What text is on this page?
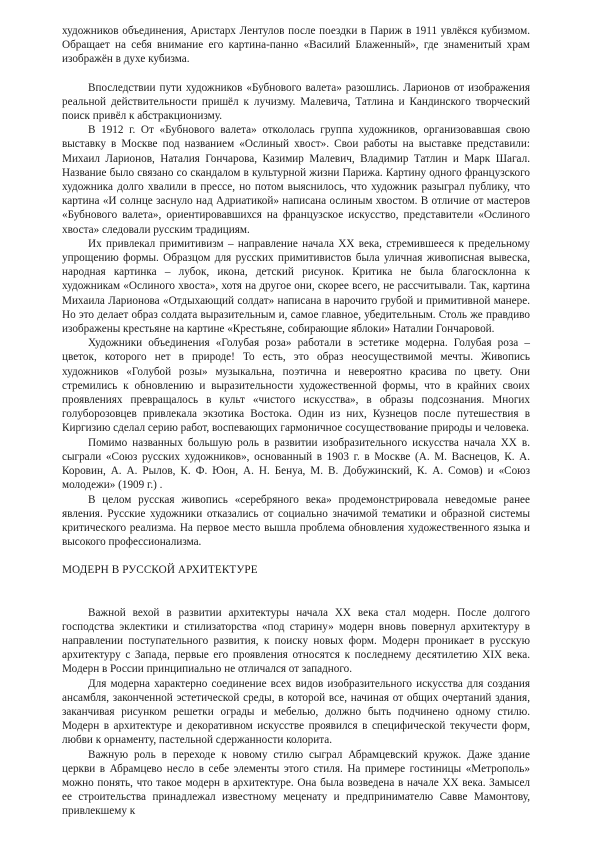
художников объединения, Аристарх Лентулов после поездки в Париж в 1911 увлёкся кубизмом. Обращает на себя внимание его картина-панно «Василий Блаженный», где знаменитый храм изображён в духе кубизма.

Впоследствии пути художников «Бубнового валета» разошлись. Ларионов от изображения реальной действительности пришёл к лучизму. Малевича, Татлина и Кандинского творческий поиск привёл к абстракционизму.

В 1912 г. От «Бубнового валета» откололась группа художников, организовавшая свою выставку в Москве под названием «Ослиный хвост». Свои работы на выставке представили: Михаил Ларионов, Наталия Гончарова, Казимир Малевич, Владимир Татлин и Марк Шагал. Название было связано со скандалом в культурной жизни Парижа. Картину одного французского художника долго хвалили в прессе, но потом выяснилось, что художник разыграл публику, что картина «И солнце заснуло над Адриатикой» написана ослиным хвостом. В отличие от мастеров «Бубнового валета», ориентировавшихся на французское искусство, представители «Ослиного хвоста» следовали русским традициям.

Их привлекал примитивизм – направление начала XX века, стремившееся к предельному упрощению формы. Образцом для русских примитивистов была уличная живописная вывеска, народная картинка – лубок, икона, детский рисунок. Критика не была благосклонна к художникам «Ослиного хвоста», хотя на другое они, скорее всего, не рассчитывали. Так, картина Михаила Ларионова «Отдыхающий солдат» написана в нарочито грубой и примитивной манере. Но это делает образ солдата выразительным и, самое главное, убедительным. Столь же правдиво изображены крестьяне на картине «Крестьяне, собирающие яблоки» Наталии Гончаровой.

Художники объединения «Голубая роза» работали в эстетике модерна. Голубая роза – цветок, которого нет в природе! То есть, это образ неосуществимой мечты. Живопись художников «Голубой розы» музыкальна, поэтична и невероятно красива по цвету. Они стремились к обновлению и выразительности художественной формы, что в крайних своих проявлениях превращалось в культ «чистого искусства», в образы подсознания. Многих голуборозовцев привлекала экзотика Востока. Один из них, Кузнецов после путешествия в Киргизию сделал серию работ, воспевающих гармоничное сосуществование природы и человека.

Помимо названных большую роль в развитии изобразительного искусства начала XX в. сыграли «Союз русских художников», основанный в 1903 г. в Москве (А. М. Васнецов, К. А. Коровин, А. А. Рылов, К. Ф. Юон, А. Н. Бенуа, М. В. Добужинский, К. А. Сомов) и «Союз молодежи» (1909 г.) .

В целом русская живопись «серебряного века» продемонстрировала неведомые ранее явления. Русские художники отказались от социально значимой тематики и образной системы критического реализма. На первое место вышла проблема обновления художественного языка и высокого профессионализма.

МОДЕРН В РУССКОЙ АРХИТЕКТУРЕ

Важной вехой в развитии архитектуры начала XX века стал модерн. После долгого господства эклектики и стилизаторства «под старину» модерн вновь повернул архитектуру в направлении поступательного развития, к поиску новых форм. Модерн проникает в русскую архитектуру с Запада, первые его проявления относятся к последнему десятилетию XIX века. Модерн в России принципиально не отличался от западного.

Для модерна характерно соединение всех видов изобразительного искусства для создания ансамбля, законченной эстетической среды, в которой все, начиная от общих очертаний здания, заканчивая рисунком решетки ограды и мебелью, должно быть подчинено одному стилю. Модерн в архитектуре и декоративном искусстве проявился в специфической текучести форм, любви к орнаменту, пастельной сдержанности колорита.

Важную роль в переходе к новому стилю сыграл Абрамцевский кружок. Даже здание церкви в Абрамцево несло в себе элементы этого стиля. На примере гостиницы «Метрополь» можно понять, что такое модерн в архитектуре. Она была возведена в начале XX века. Замысел ее строительства принадлежал известному меценату и предпринимателю Савве Мамонтову, привлекшему к
